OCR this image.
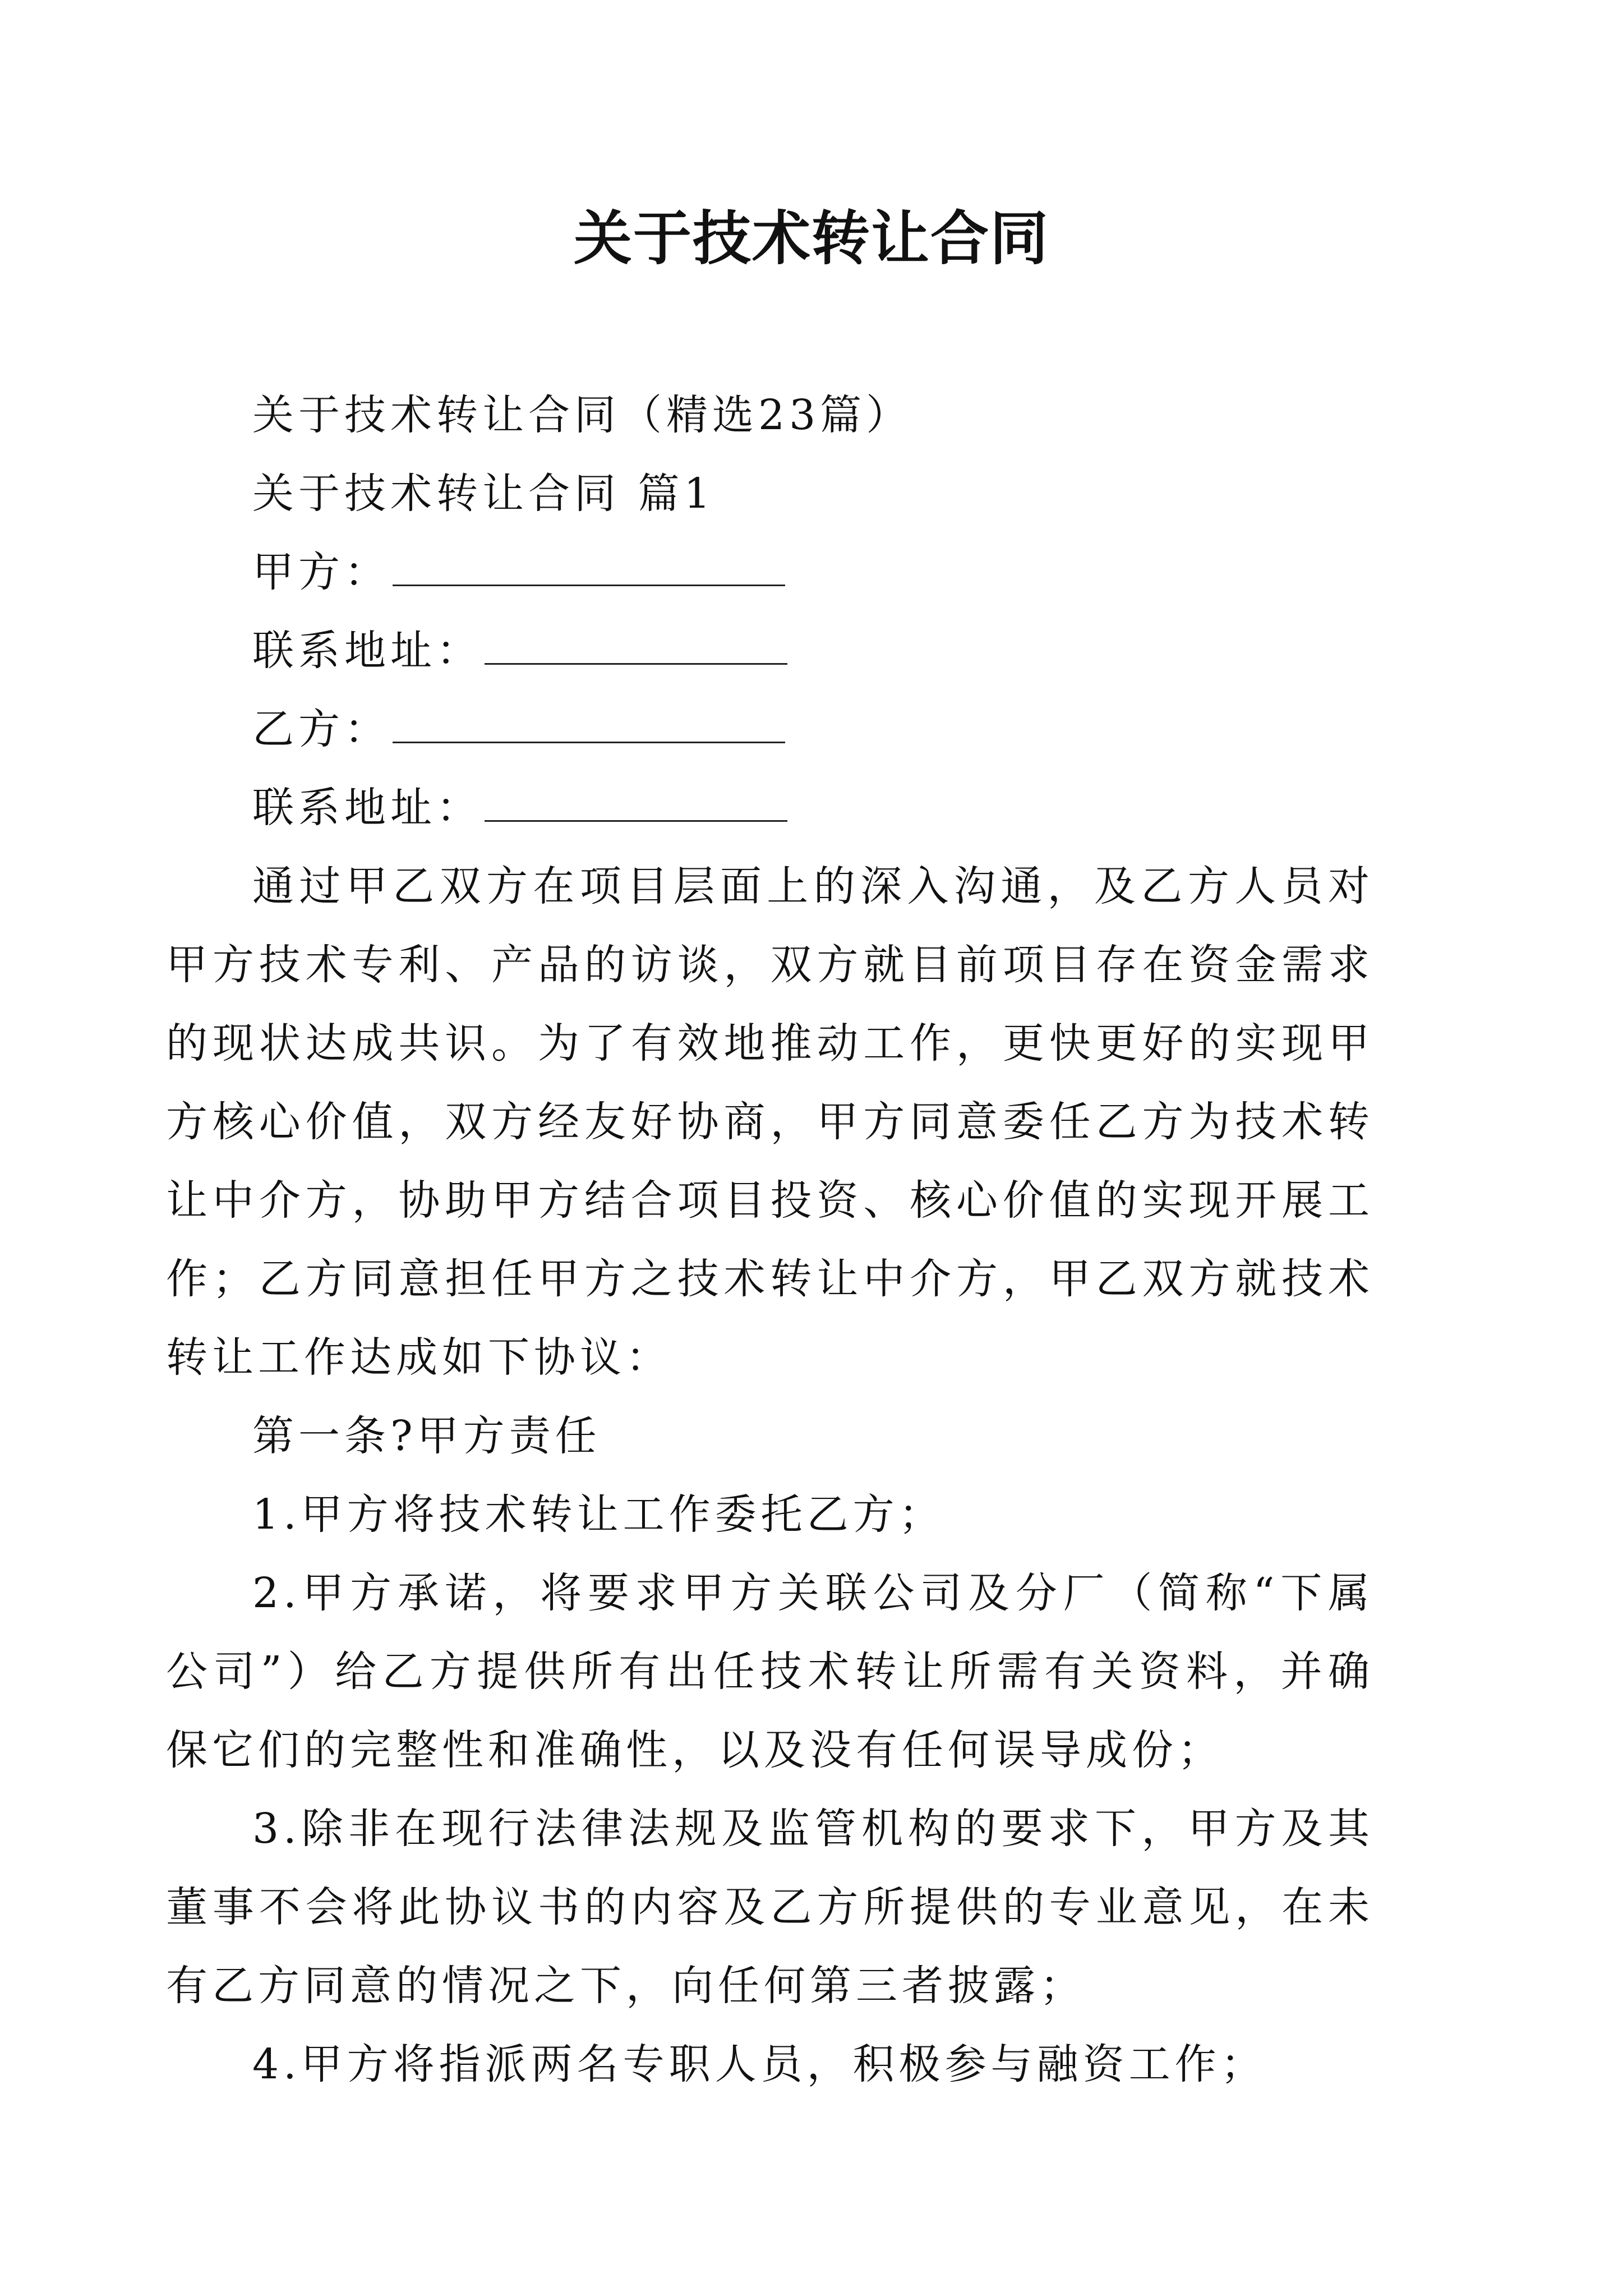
关于技术转让合同
关于技术转让合同（精选23篇）
关于技术转让合同 篇1
甲方：
联系地址：
乙方：
联系地址：
通过甲乙双方在项目层面上的深入沟通，及乙方人员对甲方技术专利、产品的访谈，双方就目前项目存在资金需求的现状达成共识。为了有效地推动工作，更快更好的实现甲方核心价值，双方经友好协商，甲方同意委任乙方为技术转让中介方，协助甲方结合项目投资、核心价值的实现开展工作；乙方同意担任甲方之技术转让中介方，甲乙双方就技术转让工作达成如下协议：
第一条?甲方责任
1.甲方将技术转让工作委托乙方；
2.甲方承诺，将要求甲方关联公司及分厂（简称“下属公司”）给乙方提供所有出任技术转让所需有关资料，并确保它们的完整性和准确性，以及没有任何误导成份；
3.除非在现行法律法规及监管机构的要求下，甲方及其董事不会将此协议书的内容及乙方所提供的专业意见，在未有乙方同意的情况之下，向任何第三者披露；
4.甲方将指派两名专职人员，积极参与融资工作；
